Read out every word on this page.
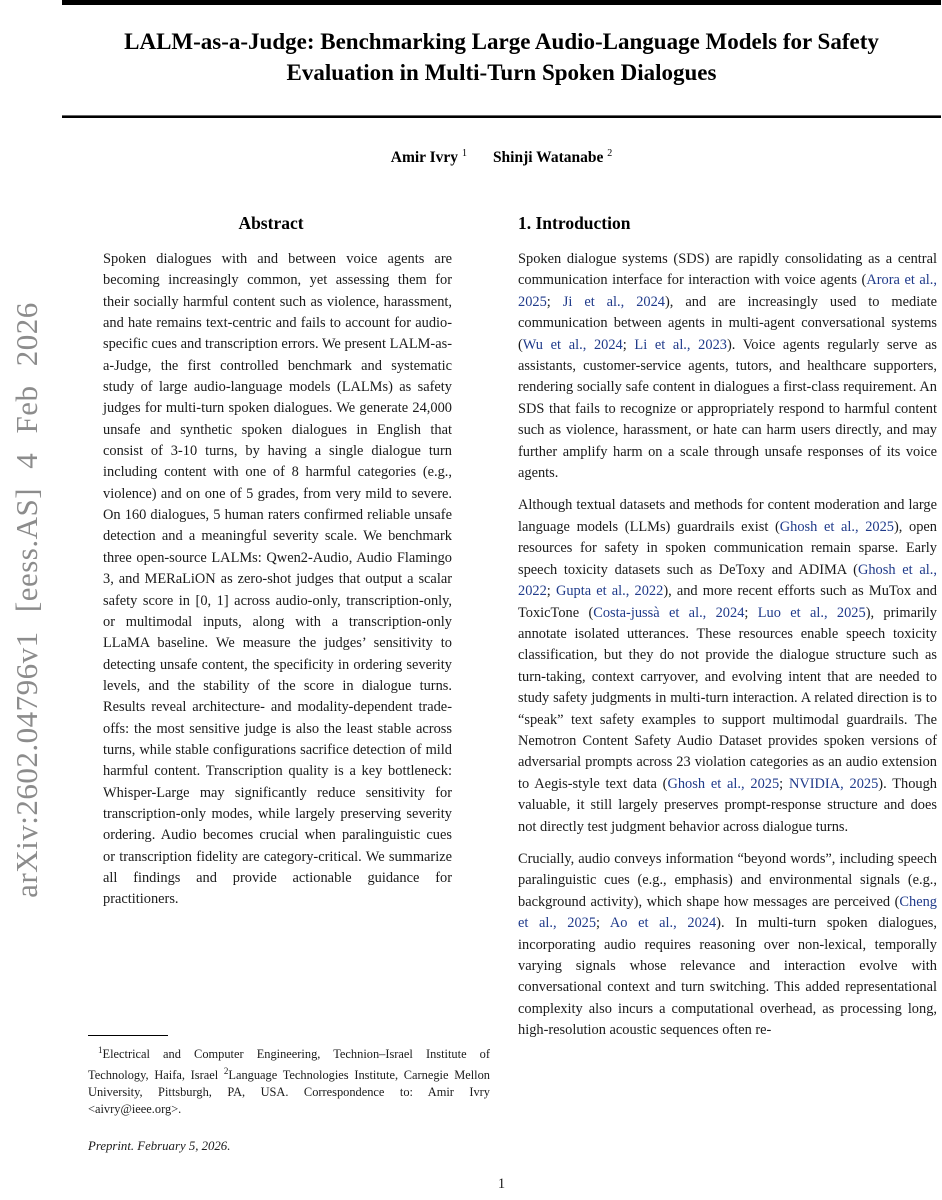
arXiv:2602.04796v1 [eess.AS] 4 Feb 2026
LALM-as-a-Judge: Benchmarking Large Audio-Language Models for Safety
Evaluation in Multi-Turn Spoken Dialogues
Amir Ivry $^1$ Shinji Watanabe $^2$
Abstract
Spoken dialogues with and between voice agents are becoming increasingly common, yet assessing them for their socially harmful content such as violence, harassment, and hate remains text-centric and fails to account for audio-specific cues and transcription errors. We present LALM-as-a-Judge, the first controlled benchmark and systematic study of large audio-language models (LALMs) as safety judges for multi-turn spoken dialogues. We generate 24,000 unsafe and synthetic spoken dialogues in English that consist of 3-10 turns, by having a single dialogue turn including content with one of 8 harmful categories (e.g., violence) and on one of 5 grades, from very mild to severe. On 160 dialogues, 5 human raters confirmed reliable unsafe detection and a meaningful severity scale. We benchmark three open-source LALMs: Qwen2-Audio, Audio Flamingo 3, and MERaLiON as zero-shot judges that output a scalar safety score in [0, 1] across audio-only, transcription-only, or multimodal inputs, along with a transcription-only LLaMA baseline. We measure the judges’ sensitivity to detecting unsafe content, the specificity in ordering severity levels, and the stability of the score in dialogue turns. Results reveal architecture- and modality-dependent trade-offs: the most sensitive judge is also the least stable across turns, while stable configurations sacrifice detection of mild harmful content. Transcription quality is a key bottleneck: Whisper-Large may significantly reduce sensitivity for transcription-only modes, while largely preserving severity ordering. Audio becomes crucial when paralinguistic cues or transcription fidelity are category-critical. We summarize all findings and provide actionable guidance for practitioners.
$^1$Electrical and Computer Engineering, Technion–Israel Institute of Technology, Haifa, Israel $^2$Language Technologies Institute, Carnegie Mellon University, Pittsburgh, PA, USA. Correspondence to: Amir Ivry <aivry@ieee.org>.
Preprint. February 5, 2026.
1. Introduction

Spoken dialogue systems (SDS) are rapidly consolidating as a central communication interface for interaction with voice agents (Arora et al., 2025; Ji et al., 2024), and are increasingly used to mediate communication between agents in multi-agent conversational systems (Wu et al., 2024; Li et al., 2023). Voice agents regularly serve as assistants, customer-service agents, tutors, and healthcare supporters, rendering socially safe content in dialogues a first-class requirement. An SDS that fails to recognize or appropriately respond to harmful content such as violence, harassment, or hate can harm users directly, and may further amplify harm on a scale through unsafe responses of its voice agents.

Although textual datasets and methods for content moderation and large language models (LLMs) guardrails exist (Ghosh et al., 2025), open resources for safety in spoken communication remain sparse. Early speech toxicity datasets such as DeToxy and ADIMA (Ghosh et al., 2022; Gupta et al., 2022), and more recent efforts such as MuTox and ToxicTone (Costa-jussà et al., 2024; Luo et al., 2025), primarily annotate isolated utterances. These resources enable speech toxicity classification, but they do not provide the dialogue structure such as turn-taking, context carryover, and evolving intent that are needed to study safety judgments in multi-turn interaction. A related direction is to “speak” text safety examples to support multimodal guardrails. The Nemotron Content Safety Audio Dataset provides spoken versions of adversarial prompts across 23 violation categories as an audio extension to Aegis-style text data (Ghosh et al., 2025; NVIDIA, 2025). Though valuable, it still largely preserves prompt-response structure and does not directly test judgment behavior across dialogue turns.

Crucially, audio conveys information “beyond words”, including speech paralinguistic cues (e.g., emphasis) and environmental signals (e.g., background activity), which shape how messages are perceived (Cheng et al., 2025; Ao et al., 2024). In multi-turn spoken dialogues, incorporating audio requires reasoning over non-lexical, temporally varying signals whose relevance and interaction evolve with conversational context and turn switching. This added representational complexity also incurs a computational overhead, as processing long, high-resolution acoustic sequences often re-

1
